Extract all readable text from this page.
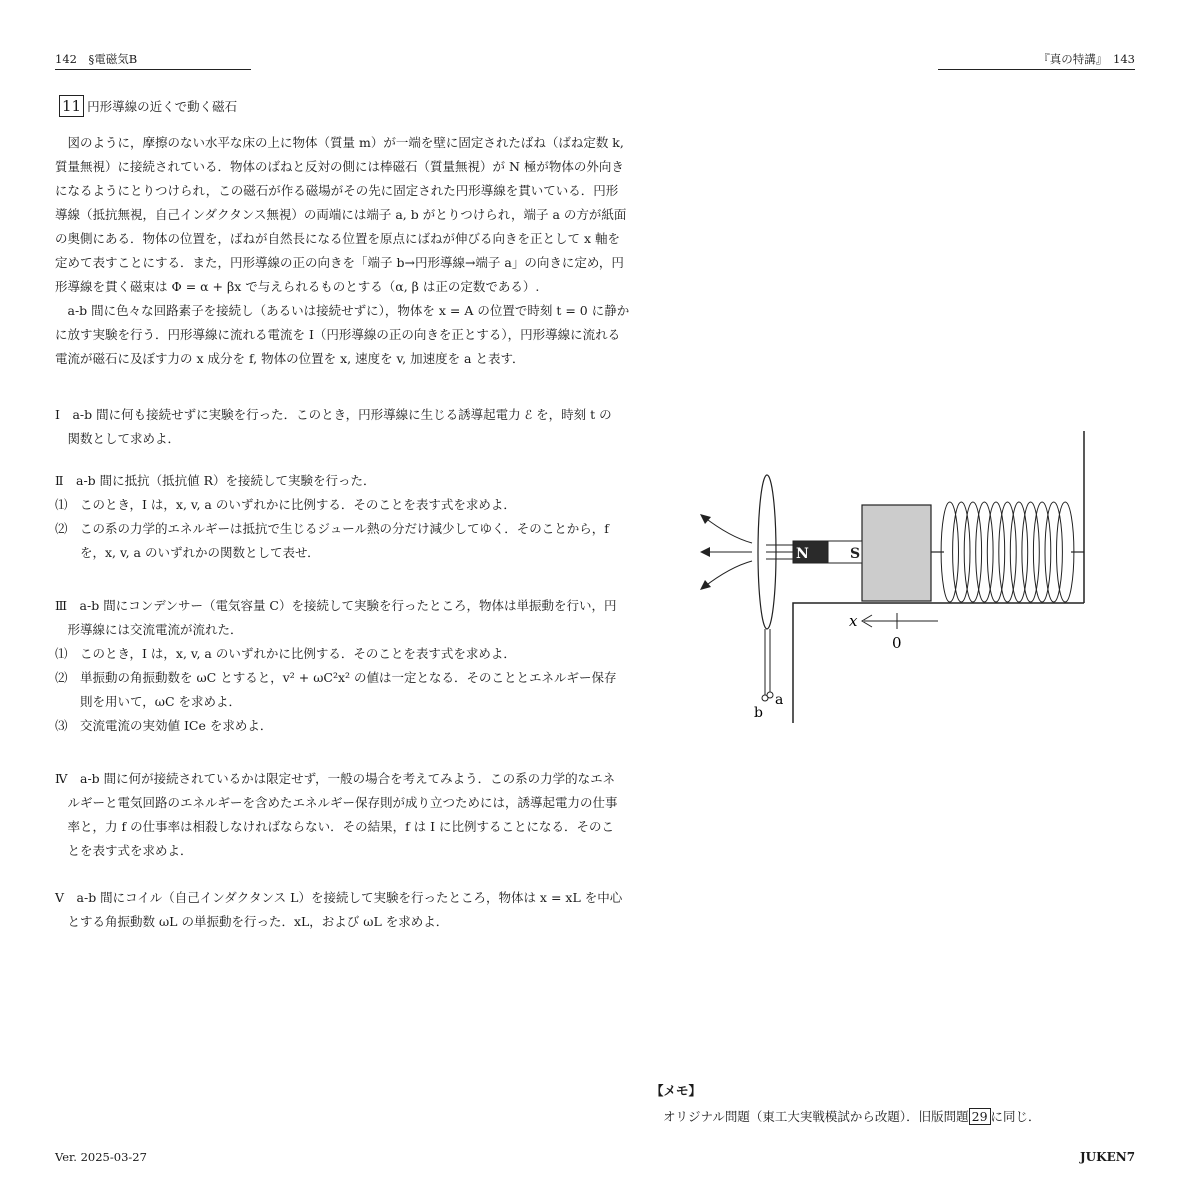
142　§電磁気B	『真の特講』　143
11 円形導線の近くで動く磁石
　図のように，摩擦のない水平な床の上に物体（質量 m）が一端を壁に固定されたばね（ばね定数 k,
質量無視）に接続されている．物体のばねと反対の側には棒磁石（質量無視）が N 極が物体の外向き
になるようにとりつけられ，この磁石が作る磁場がその先に固定された円形導線を貫いている．円形
導線（抵抗無視，自己インダクタンス無視）の両端には端子 a, b がとりつけられ，端子 a の方が紙面
の奥側にある．物体の位置を，ばねが自然長になる位置を原点にばねが伸びる向きを正として x 軸を
定めて表すことにする．また，円形導線の正の向きを「端子 b→円形導線→端子 a」の向きに定め，円
形導線を貫く磁束は Φ = α + βx で与えられるものとする（α, β は正の定数である）.
　a-b 間に色々な回路素子を接続し（あるいは接続せずに），物体を x = A の位置で時刻 t = 0 に静か
に放す実験を行う．円形導線に流れる電流を I（円形導線の正の向きを正とする），円形導線に流れる
電流が磁石に及ぼす力の x 成分を f, 物体の位置を x, 速度を v, 加速度を a と表す．
Ⅰ　a-b 間に何も接続せずに実験を行った．このとき，円形導線に生じる誘導起電力 ℰ を，時刻 t の
　関数として求めよ．
Ⅱ　a-b 間に抵抗（抵抗値 R）を接続して実験を行った．
⑴　このとき，I は，x, v, a のいずれかに比例する．そのことを表す式を求めよ．
⑵　この系の力学的エネルギーは抵抗で生じるジュール熱の分だけ減少してゆく．そのことから，f
　　を，x, v, a のいずれかの関数として表せ．
Ⅲ　a-b 間にコンデンサー（電気容量 C）を接続して実験を行ったところ，物体は単振動を行い，円
　形導線には交流電流が流れた．
⑴　このとき，I は，x, v, a のいずれかに比例する．そのことを表す式を求めよ．
⑵　単振動の角振動数を ωC とすると，v² + ωC²x² の値は一定となる．そのこととエネルギー保存
　　則を用いて，ωC を求めよ．
⑶　交流電流の実効値 ICe を求めよ．
Ⅳ　a-b 間に何が接続されているかは限定せず，一般の場合を考えてみよう．この系の力学的なエネ
　ルギーと電気回路のエネルギーを含めたエネルギー保存則が成り立つためには，誘導起電力の仕事
　率と，力 f の仕事率は相殺しなければならない．その結果，f は I に比例することになる．そのこ
　とを表す式を求めよ．
Ⅴ　a-b 間にコイル（自己インダクタンス L）を接続して実験を行ったところ，物体は x = xL を中心
　とする角振動数 ωL の単振動を行った．xL，および ωL を求めよ．
N	S
a
b
x
0
【メモ】
オリジナル問題（東工大実戦模試から改題）．旧版問題 29 に同じ．
Ver. 2025-03-27	JUKEN7
